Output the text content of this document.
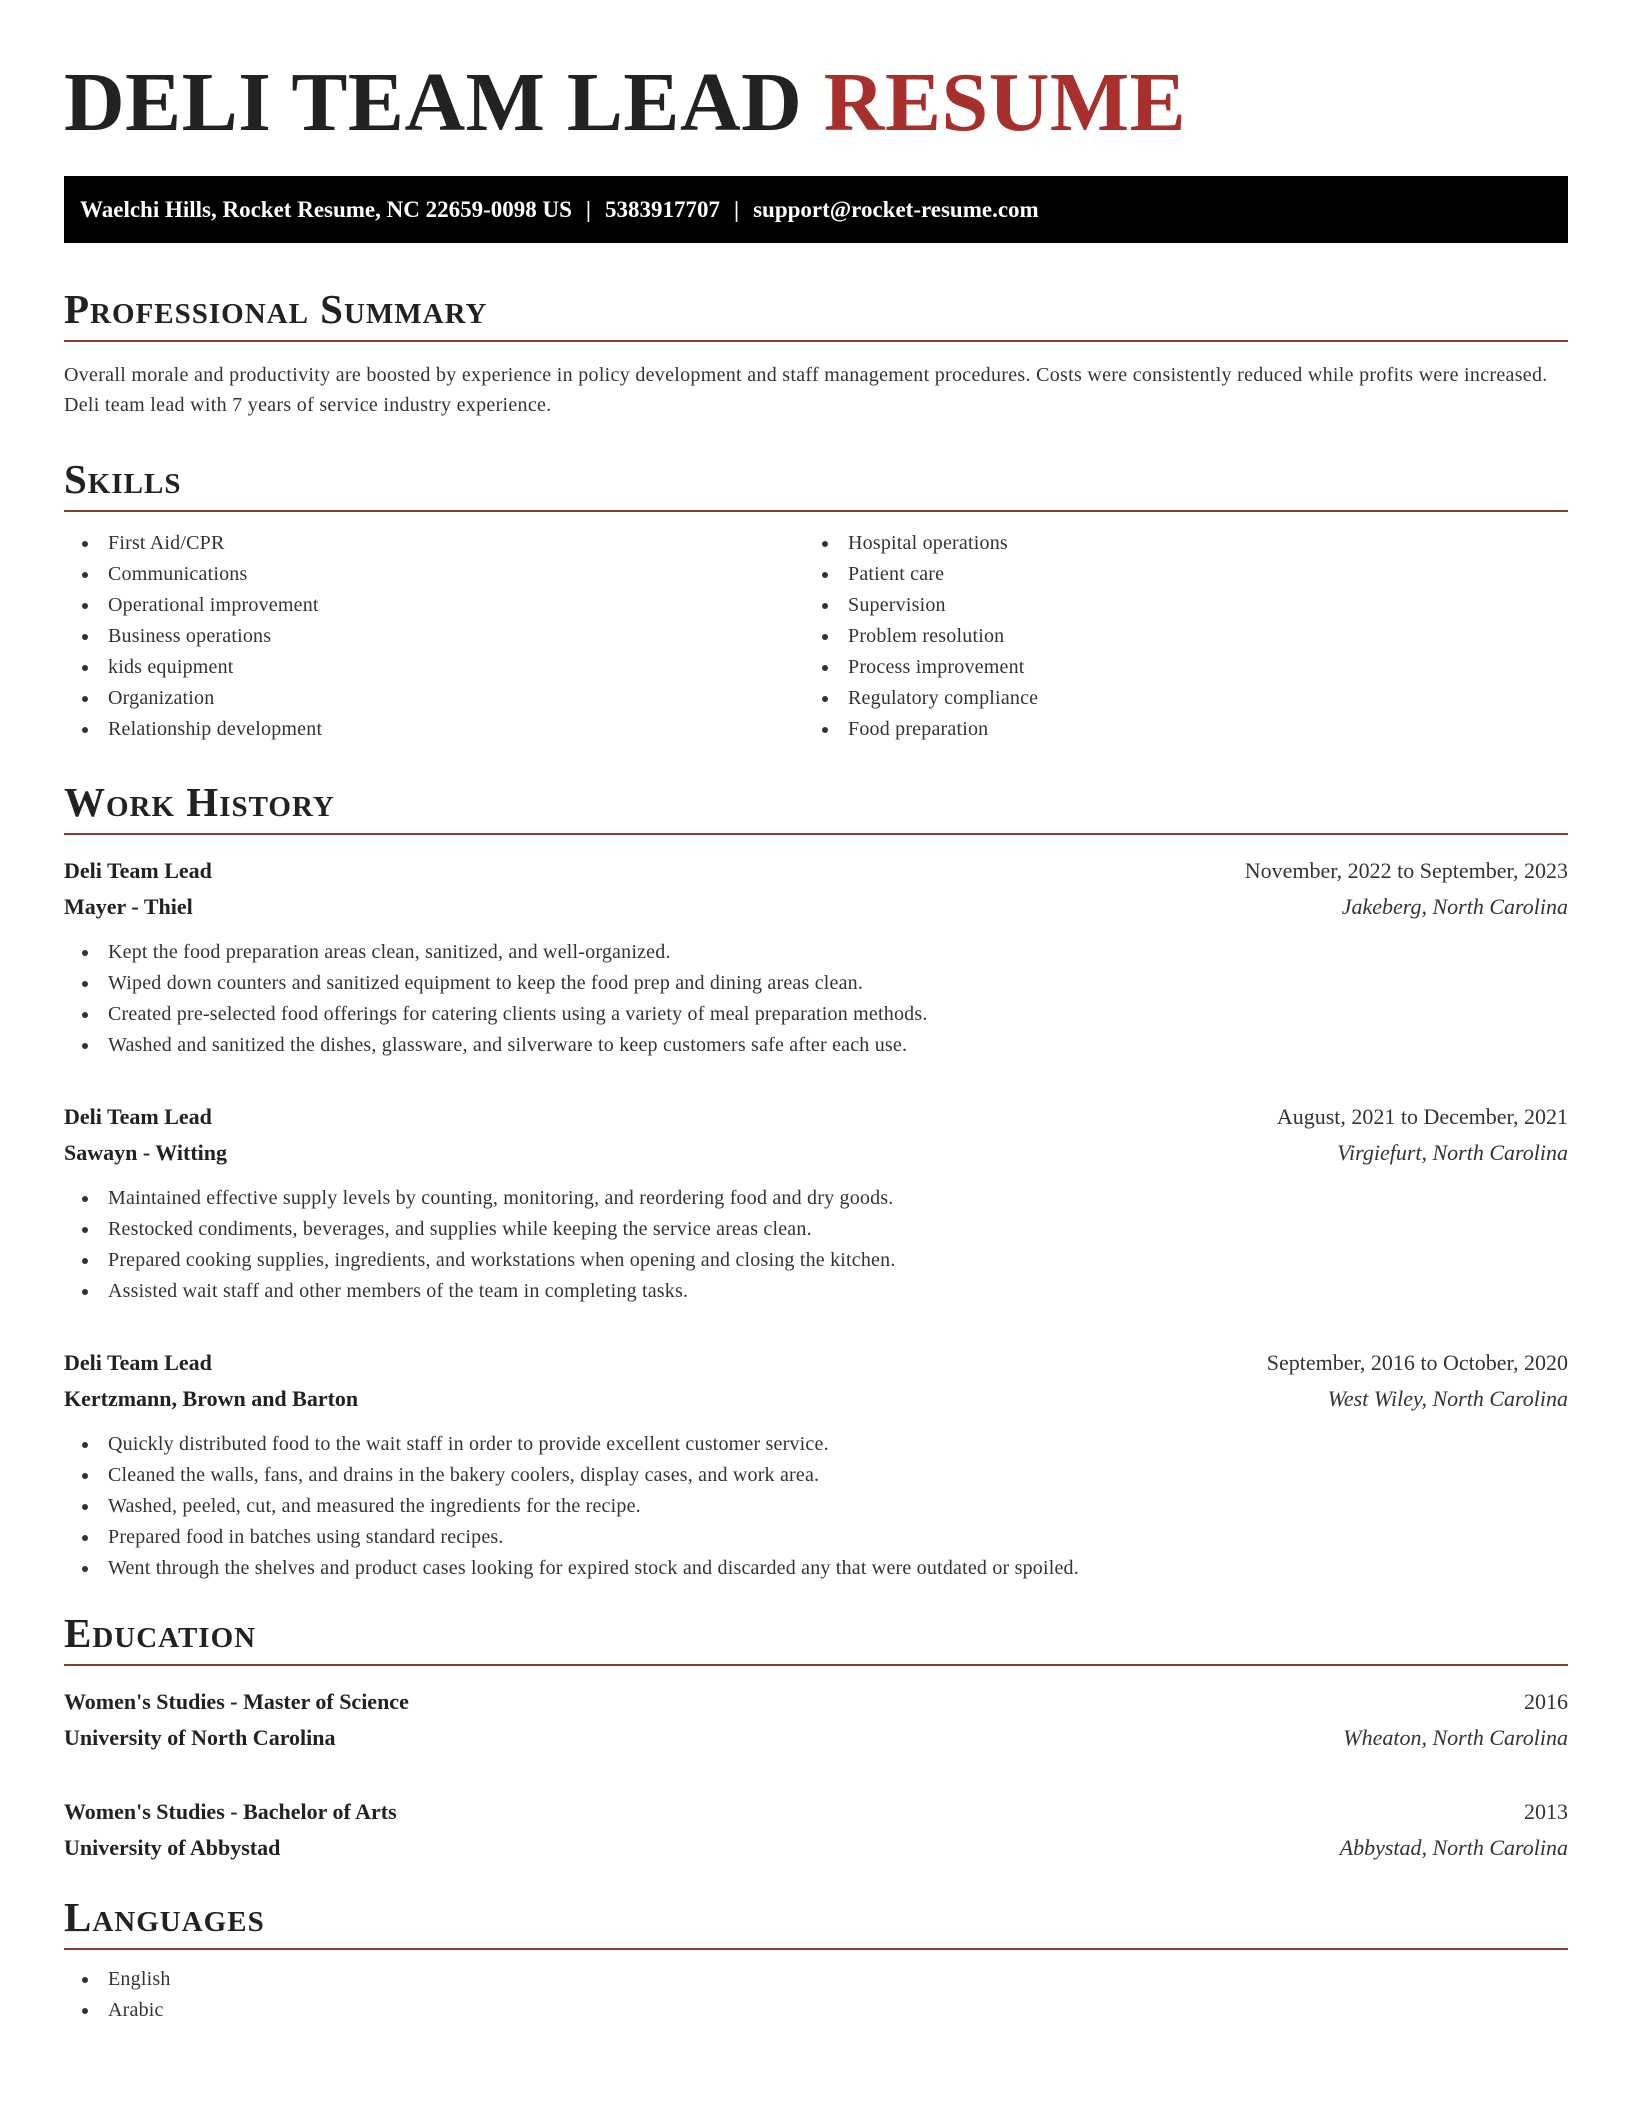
DELI TEAM LEAD RESUME
Waelchi Hills, Rocket Resume, NC 22659-0098 US | 5383917707 | support@rocket-resume.com
Professional Summary

Overall morale and productivity are boosted by experience in policy development and staff management procedures. Costs were consistently reduced while profits were increased. Deli team lead with 7 years of service industry experience.

Skills
First Aid/CPR
Communications
Operational improvement
Business operations
kids equipment
Organization
Relationship development
Hospital operations
Patient care
Supervision
Problem resolution
Process improvement
Regulatory compliance
Food preparation
Work History
Deli Team Lead	November, 2022 to September, 2023
Mayer - Thiel	Jakeberg, North Carolina
Kept the food preparation areas clean, sanitized, and well-organized.
Wiped down counters and sanitized equipment to keep the food prep and dining areas clean.
Created pre-selected food offerings for catering clients using a variety of meal preparation methods.
Washed and sanitized the dishes, glassware, and silverware to keep customers safe after each use.
Deli Team Lead	August, 2021 to December, 2021
Sawayn - Witting	Virgiefurt, North Carolina
Maintained effective supply levels by counting, monitoring, and reordering food and dry goods.
Restocked condiments, beverages, and supplies while keeping the service areas clean.
Prepared cooking supplies, ingredients, and workstations when opening and closing the kitchen.
Assisted wait staff and other members of the team in completing tasks.
Deli Team Lead	September, 2016 to October, 2020
Kertzmann, Brown and Barton	West Wiley, North Carolina
Quickly distributed food to the wait staff in order to provide excellent customer service.
Cleaned the walls, fans, and drains in the bakery coolers, display cases, and work area.
Washed, peeled, cut, and measured the ingredients for the recipe.
Prepared food in batches using standard recipes.
Went through the shelves and product cases looking for expired stock and discarded any that were outdated or spoiled.
Education
Women's Studies - Master of Science	2016
University of North Carolina	Wheaton, North Carolina
Women's Studies - Bachelor of Arts	2013
University of Abbystad	Abbystad, North Carolina
Languages
English
Arabic
